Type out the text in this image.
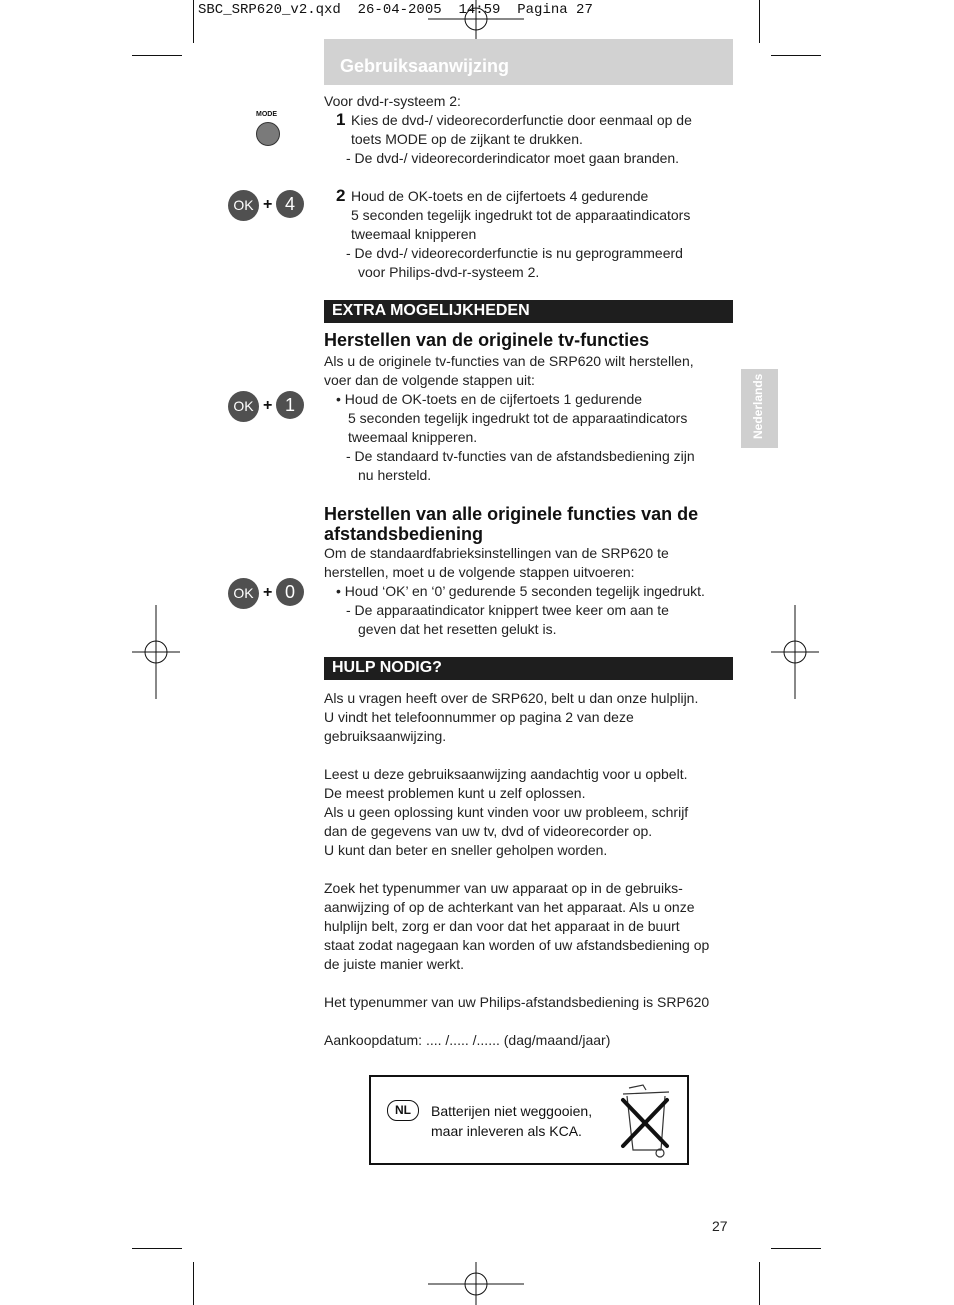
SBC_SRP620_v2.qxd  26-04-2005  14:59  Pagina 27
Gebruiksaanwijzing
Nederlands
MODE
OK + 4
Voor dvd-r-systeem 2:
1 Kies de dvd-/ videorecorderfunctie door eenmaal op de
toets MODE op de zijkant te drukken.
- De dvd-/ videorecorderindicator moet gaan branden.
2 Houd de OK-toets en de cijfertoets 4 gedurende
5 seconden tegelijk ingedrukt tot de apparaatindicators
tweemaal knipperen
- De dvd-/ videorecorderfunctie is nu geprogrammeerd
voor Philips-dvd-r-systeem 2.
EXTRA MOGELIJKHEDEN
Herstellen van de originele tv-functies
Als u de originele tv-functies van de SRP620 wilt herstellen,
voer dan de volgende stappen uit:
• Houd de OK-toets en de cijfertoets 1 gedurende
5 seconden tegelijk ingedrukt tot de apparaatindicators
tweemaal knipperen.
- De standaard tv-functies van de afstandsbediening zijn
nu hersteld.
OK + 1
Herstellen van alle originele functies van de
afstandsbediening
Om de standaardfabrieksinstellingen van de SRP620 te
herstellen, moet u de volgende stappen uitvoeren:
• Houd ‘OK’ en ‘0’ gedurende 5 seconden tegelijk ingedrukt.
- De apparaatindicator knippert twee keer om aan te
geven dat het resetten gelukt is.
OK + 0
HULP NODIG?
Als u vragen heeft over de SRP620, belt u dan onze hulplijn.
U vindt het telefoonnummer op pagina 2 van deze
gebruiksaanwijzing.
Leest u deze gebruiksaanwijzing aandachtig voor u opbelt.
De meest problemen kunt u zelf oplossen.
Als u geen oplossing kunt vinden voor uw probleem, schrijf
dan de gegevens van uw tv, dvd of videorecorder op.
U kunt dan beter en sneller geholpen worden.
Zoek het typenummer van uw apparaat op in de gebruiks-
aanwijzing of op de achterkant van het apparaat. Als u onze
hulplijn belt, zorg er dan voor dat het apparaat in de buurt
staat zodat nagegaan kan worden of uw afstandsbediening op
de juiste manier werkt.
Het typenummer van uw Philips-afstandsbediening is SRP620
Aankoopdatum: .... /..... /...... (dag/maand/jaar)
NL	Batterijen niet weggooien,
maar inleveren als KCA.
27
